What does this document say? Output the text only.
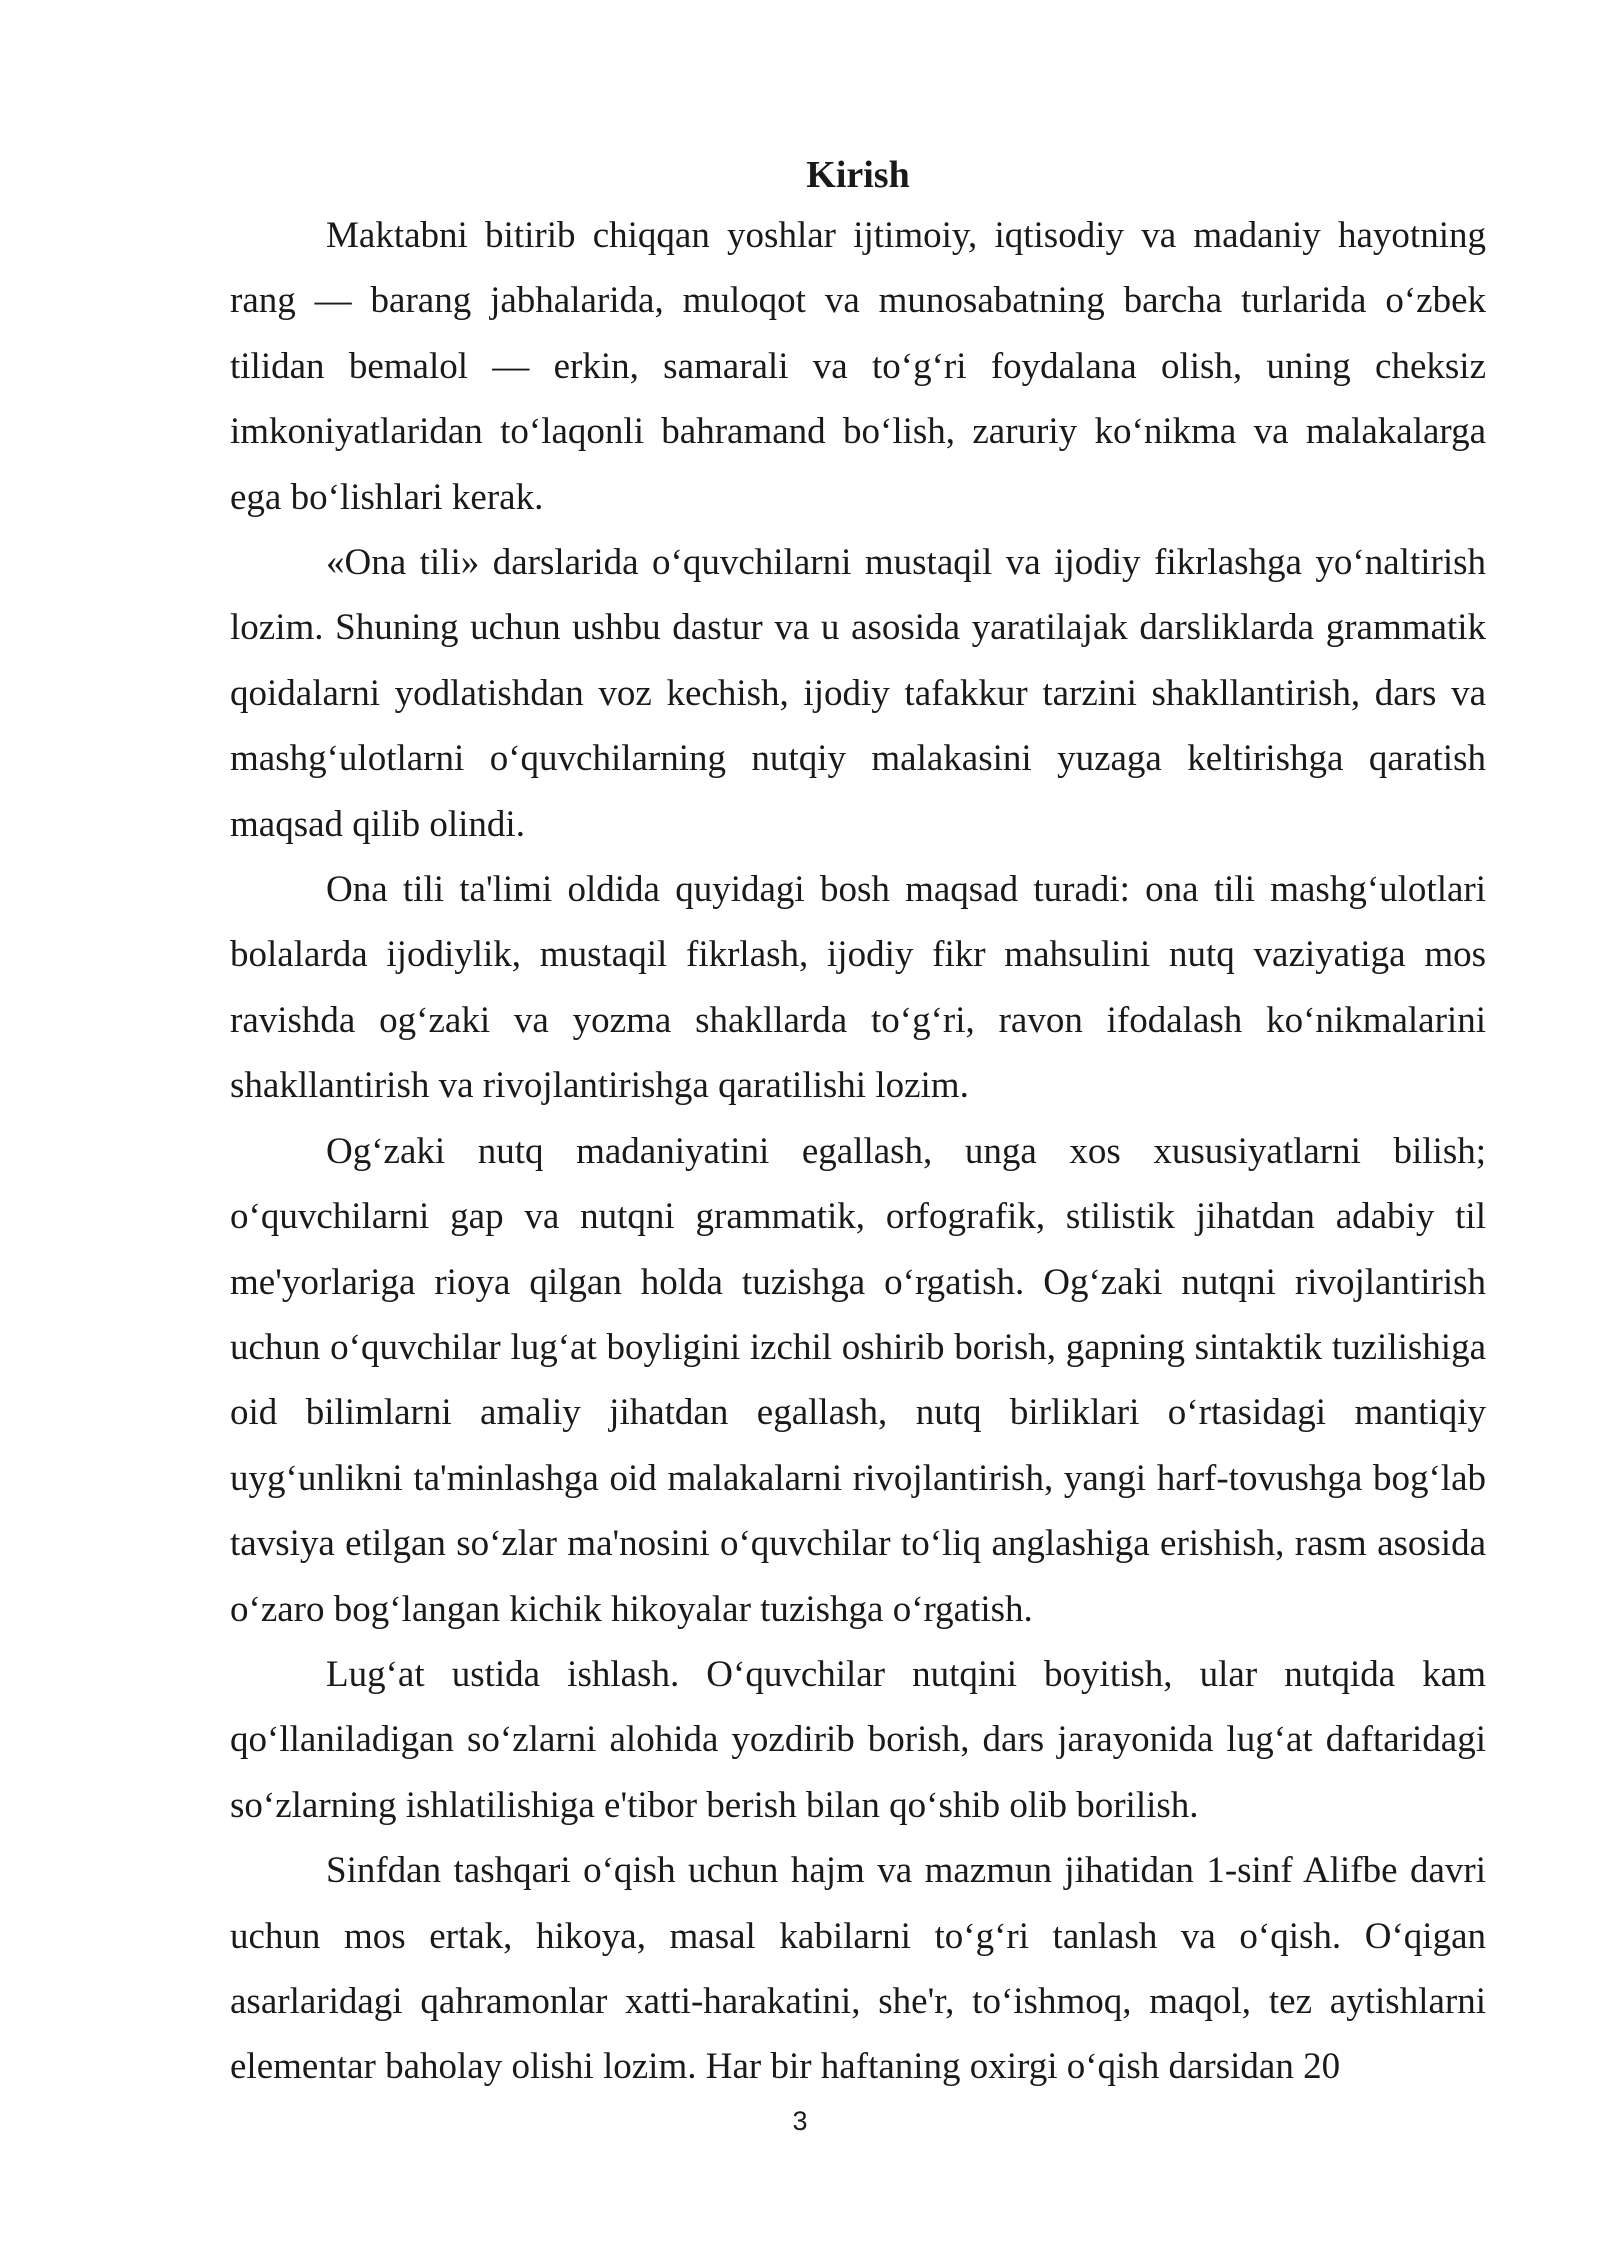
Kirish

Maktabni bitirib chiqqan yoshlar ijtimoiy, iqtisodiy va madaniy hayotning rang — barang jabhalarida, muloqot va munosabatning barcha turlarida o‘zbek tilidan bemalol — erkin, samarali va to‘g‘ri foydalana olish, uning cheksiz imkoniyatlaridan to‘laqonli bahramand bo‘lish, zaruriy ko‘nikma va malakalarga ega bo‘lishlari kerak.

«Ona tili» darslarida o‘quvchilarni mustaqil va ijodiy fikrlashga yo‘naltirish lozim. Shuning uchun ushbu dastur va u asosida yaratilajak darsliklarda grammatik qoidalarni yodlatishdan voz kechish, ijodiy tafakkur tarzini shakllantirish, dars va mashg‘ulotlarni o‘quvchilarning nutqiy malakasini yuzaga keltirishga qaratish maqsad qilib olindi.

Ona tili ta'limi oldida quyidagi bosh maqsad turadi: ona tili mashg‘ulotlari bolalarda ijodiylik, mustaqil fikrlash, ijodiy fikr mahsulini nutq vaziyatiga mos ravishda og‘zaki va yozma shakllarda to‘g‘ri, ravon ifodalash ko‘nikmalarini shakllantirish va rivojlantirishga qaratilishi lozim.

Og‘zaki nutq madaniyatini egallash, unga xos xususiyatlarni bilish; o‘quvchilarni gap va nutqni grammatik, orfografik, stilistik jihatdan adabiy til me'yorlariga rioya qilgan holda tuzishga o‘rgatish. Og‘zaki nutqni rivojlantirish uchun o‘quvchilar lug‘at boyligini izchil oshirib borish, gapning sintaktik tuzilishiga oid bilimlarni amaliy jihatdan egallash, nutq birliklari o‘rtasidagi mantiqiy uyg‘unlikni ta'minlashga oid malakalarni rivojlantirish, yangi harf-tovushga bog‘lab tavsiya etilgan so‘zlar ma'nosini o‘quvchilar to‘liq anglashiga erishish, rasm asosida o‘zaro bog‘langan kichik hikoyalar tuzishga o‘rgatish.

Lug‘at ustida ishlash. O‘quvchilar nutqini boyitish, ular nutqida kam qo‘llaniladigan so‘zlarni alohida yozdirib borish, dars jarayonida lug‘at daftaridagi so‘zlarning ishlatilishiga e'tibor berish bilan qo‘shib olib borilish.

Sinfdan tashqari o‘qish uchun hajm va mazmun jihatidan 1-sinf Alifbe davri uchun mos ertak, hikoya, masal kabilarni to‘g‘ri tanlash va o‘qish. O‘qigan asarlaridagi qahramonlar xatti-harakatini, she'r, to‘ishmoq, maqol, tez aytishlarni elementar baholay olishi lozim. Har bir haftaning oxirgi o‘qish darsidan 20

3
